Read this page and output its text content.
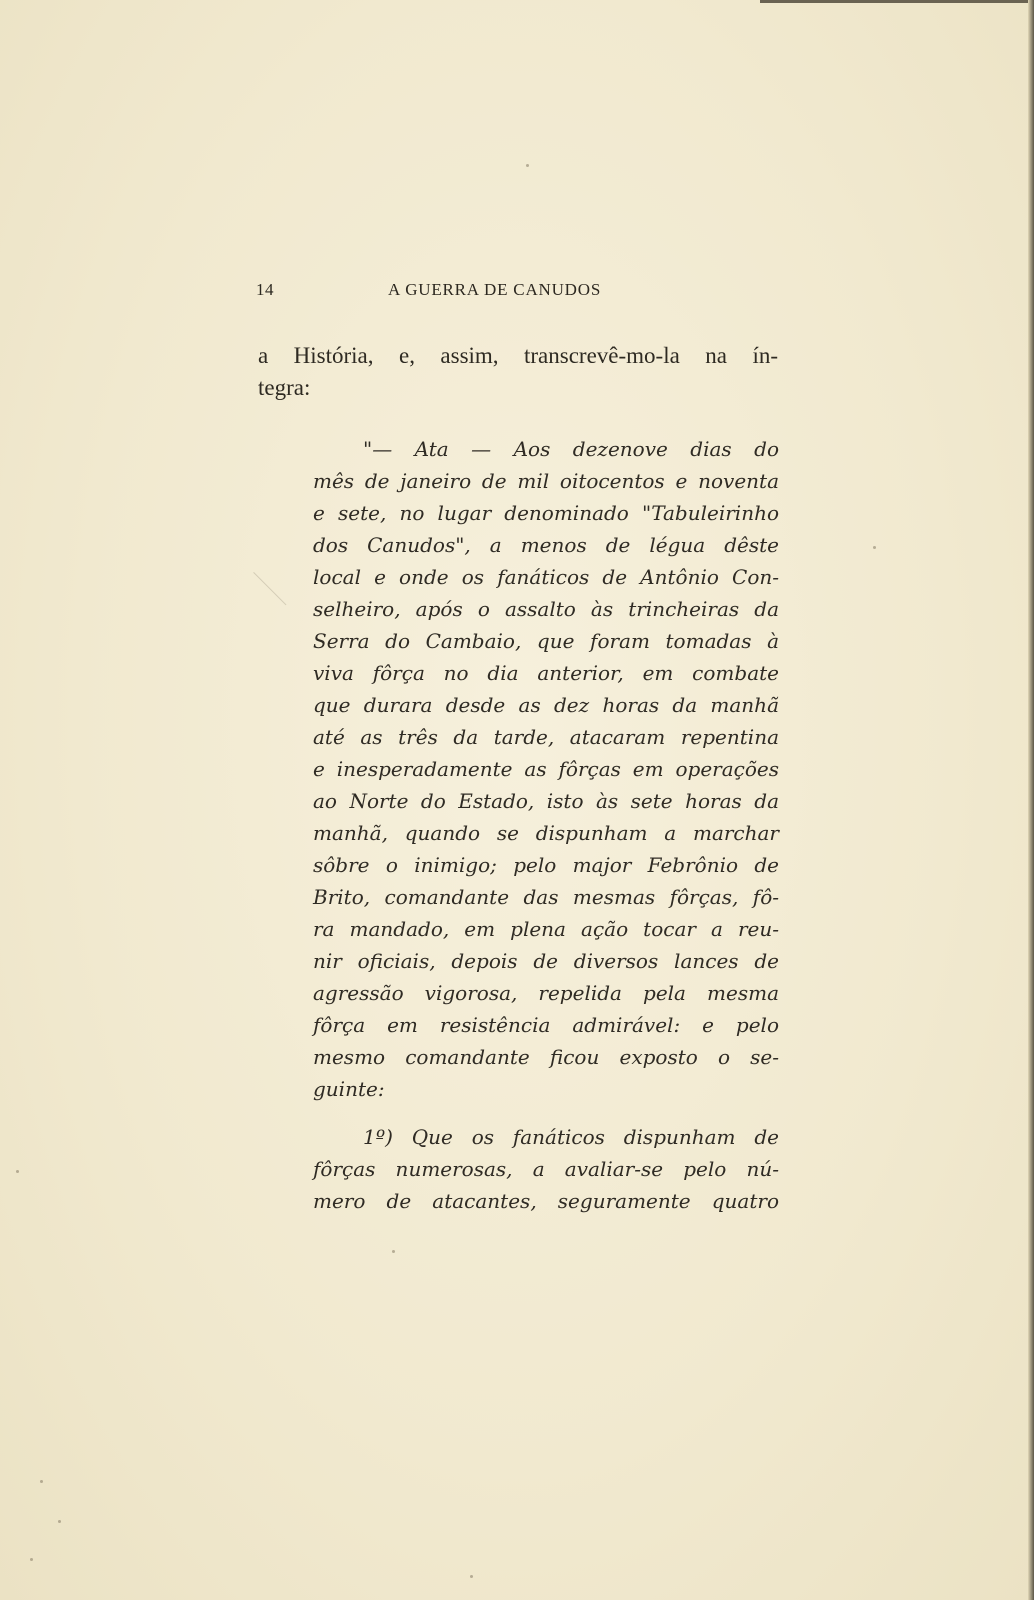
14	A GUERRA DE CANUDOS
a História, e, assim, transcrevê-mo-la na ín-
tegra:
"— Ata — Aos dezenove dias do
mês de janeiro de mil oitocentos e noventa
e sete, no lugar denominado "Tabuleirinho
dos Canudos", a menos de légua dêste
local e onde os fanáticos de Antônio Con-
selheiro, após o assalto às trincheiras da
Serra do Cambaio, que foram tomadas à
viva fôrça no dia anterior, em combate
que durara desde as dez horas da manhã
até as três da tarde, atacaram repentina
e inesperadamente as fôrças em operações
ao Norte do Estado, isto às sete horas da
manhã, quando se dispunham a marchar
sôbre o inimigo; pelo major Febrônio de
Brito, comandante das mesmas fôrças, fô-
ra mandado, em plena ação tocar a reu-
nir oficiais, depois de diversos lances de
agressão vigorosa, repelida pela mesma
fôrça em resistência admirável: e pelo
mesmo comandante ficou exposto o se-
guinte:
1º) Que os fanáticos dispunham de
fôrças numerosas, a avaliar-se pelo nú-
mero de atacantes, seguramente quatro
